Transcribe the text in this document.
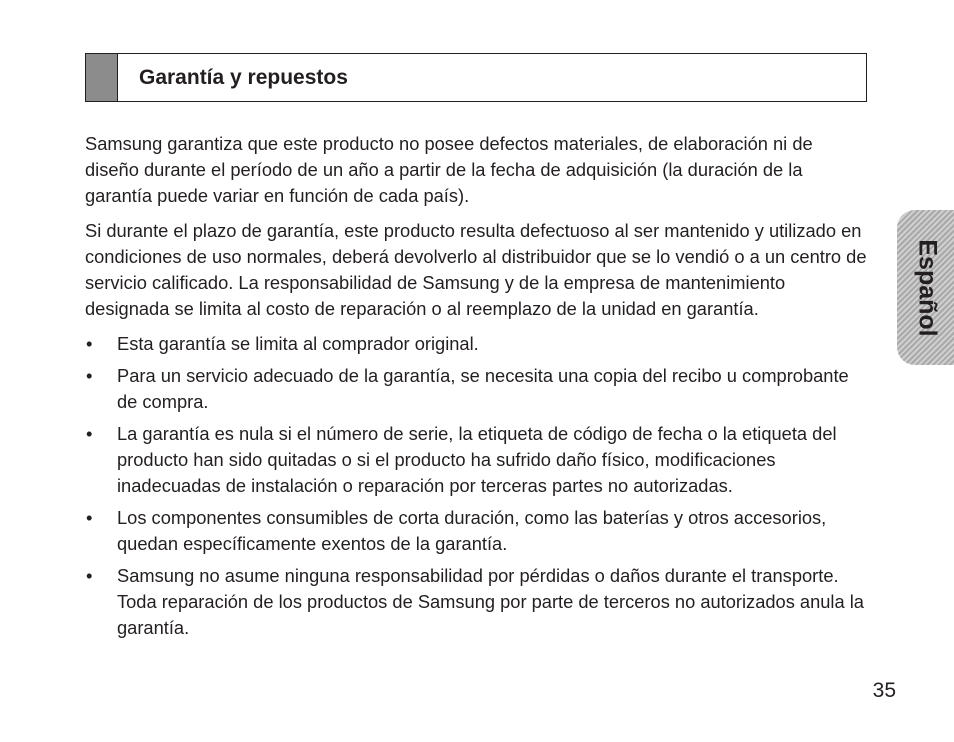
Garantía y repuestos

Samsung garantiza que este producto no posee defectos materiales, de elaboración ni de diseño durante el período de un año a partir de la fecha de adquisición (la duración de la garantía puede variar en función de cada país).

Si durante el plazo de garantía, este producto resulta defectuoso al ser mantenido y utilizado en condiciones de uso normales, deberá devolverlo al distribuidor que se lo vendió o a un centro de servicio calificado. La responsabilidad de Samsung y de la empresa de mantenimiento designada se limita al costo de reparación o al reemplazo de la unidad en garantía.

• Esta garantía se limita al comprador original.
• Para un servicio adecuado de la garantía, se necesita una copia del recibo u comprobante de compra.
• La garantía es nula si el número de serie, la etiqueta de código de fecha o la etiqueta del producto han sido quitadas o si el producto ha sufrido daño físico, modificaciones inadecuadas de instalación o reparación por terceras partes no autorizadas.
• Los componentes consumibles de corta duración, como las baterías y otros accesorios, quedan específicamente exentos de la garantía.
• Samsung no asume ninguna responsabilidad por pérdidas o daños durante el transporte. Toda reparación de los productos de Samsung por parte de terceros no autorizados anula la garantía.
Español
35
